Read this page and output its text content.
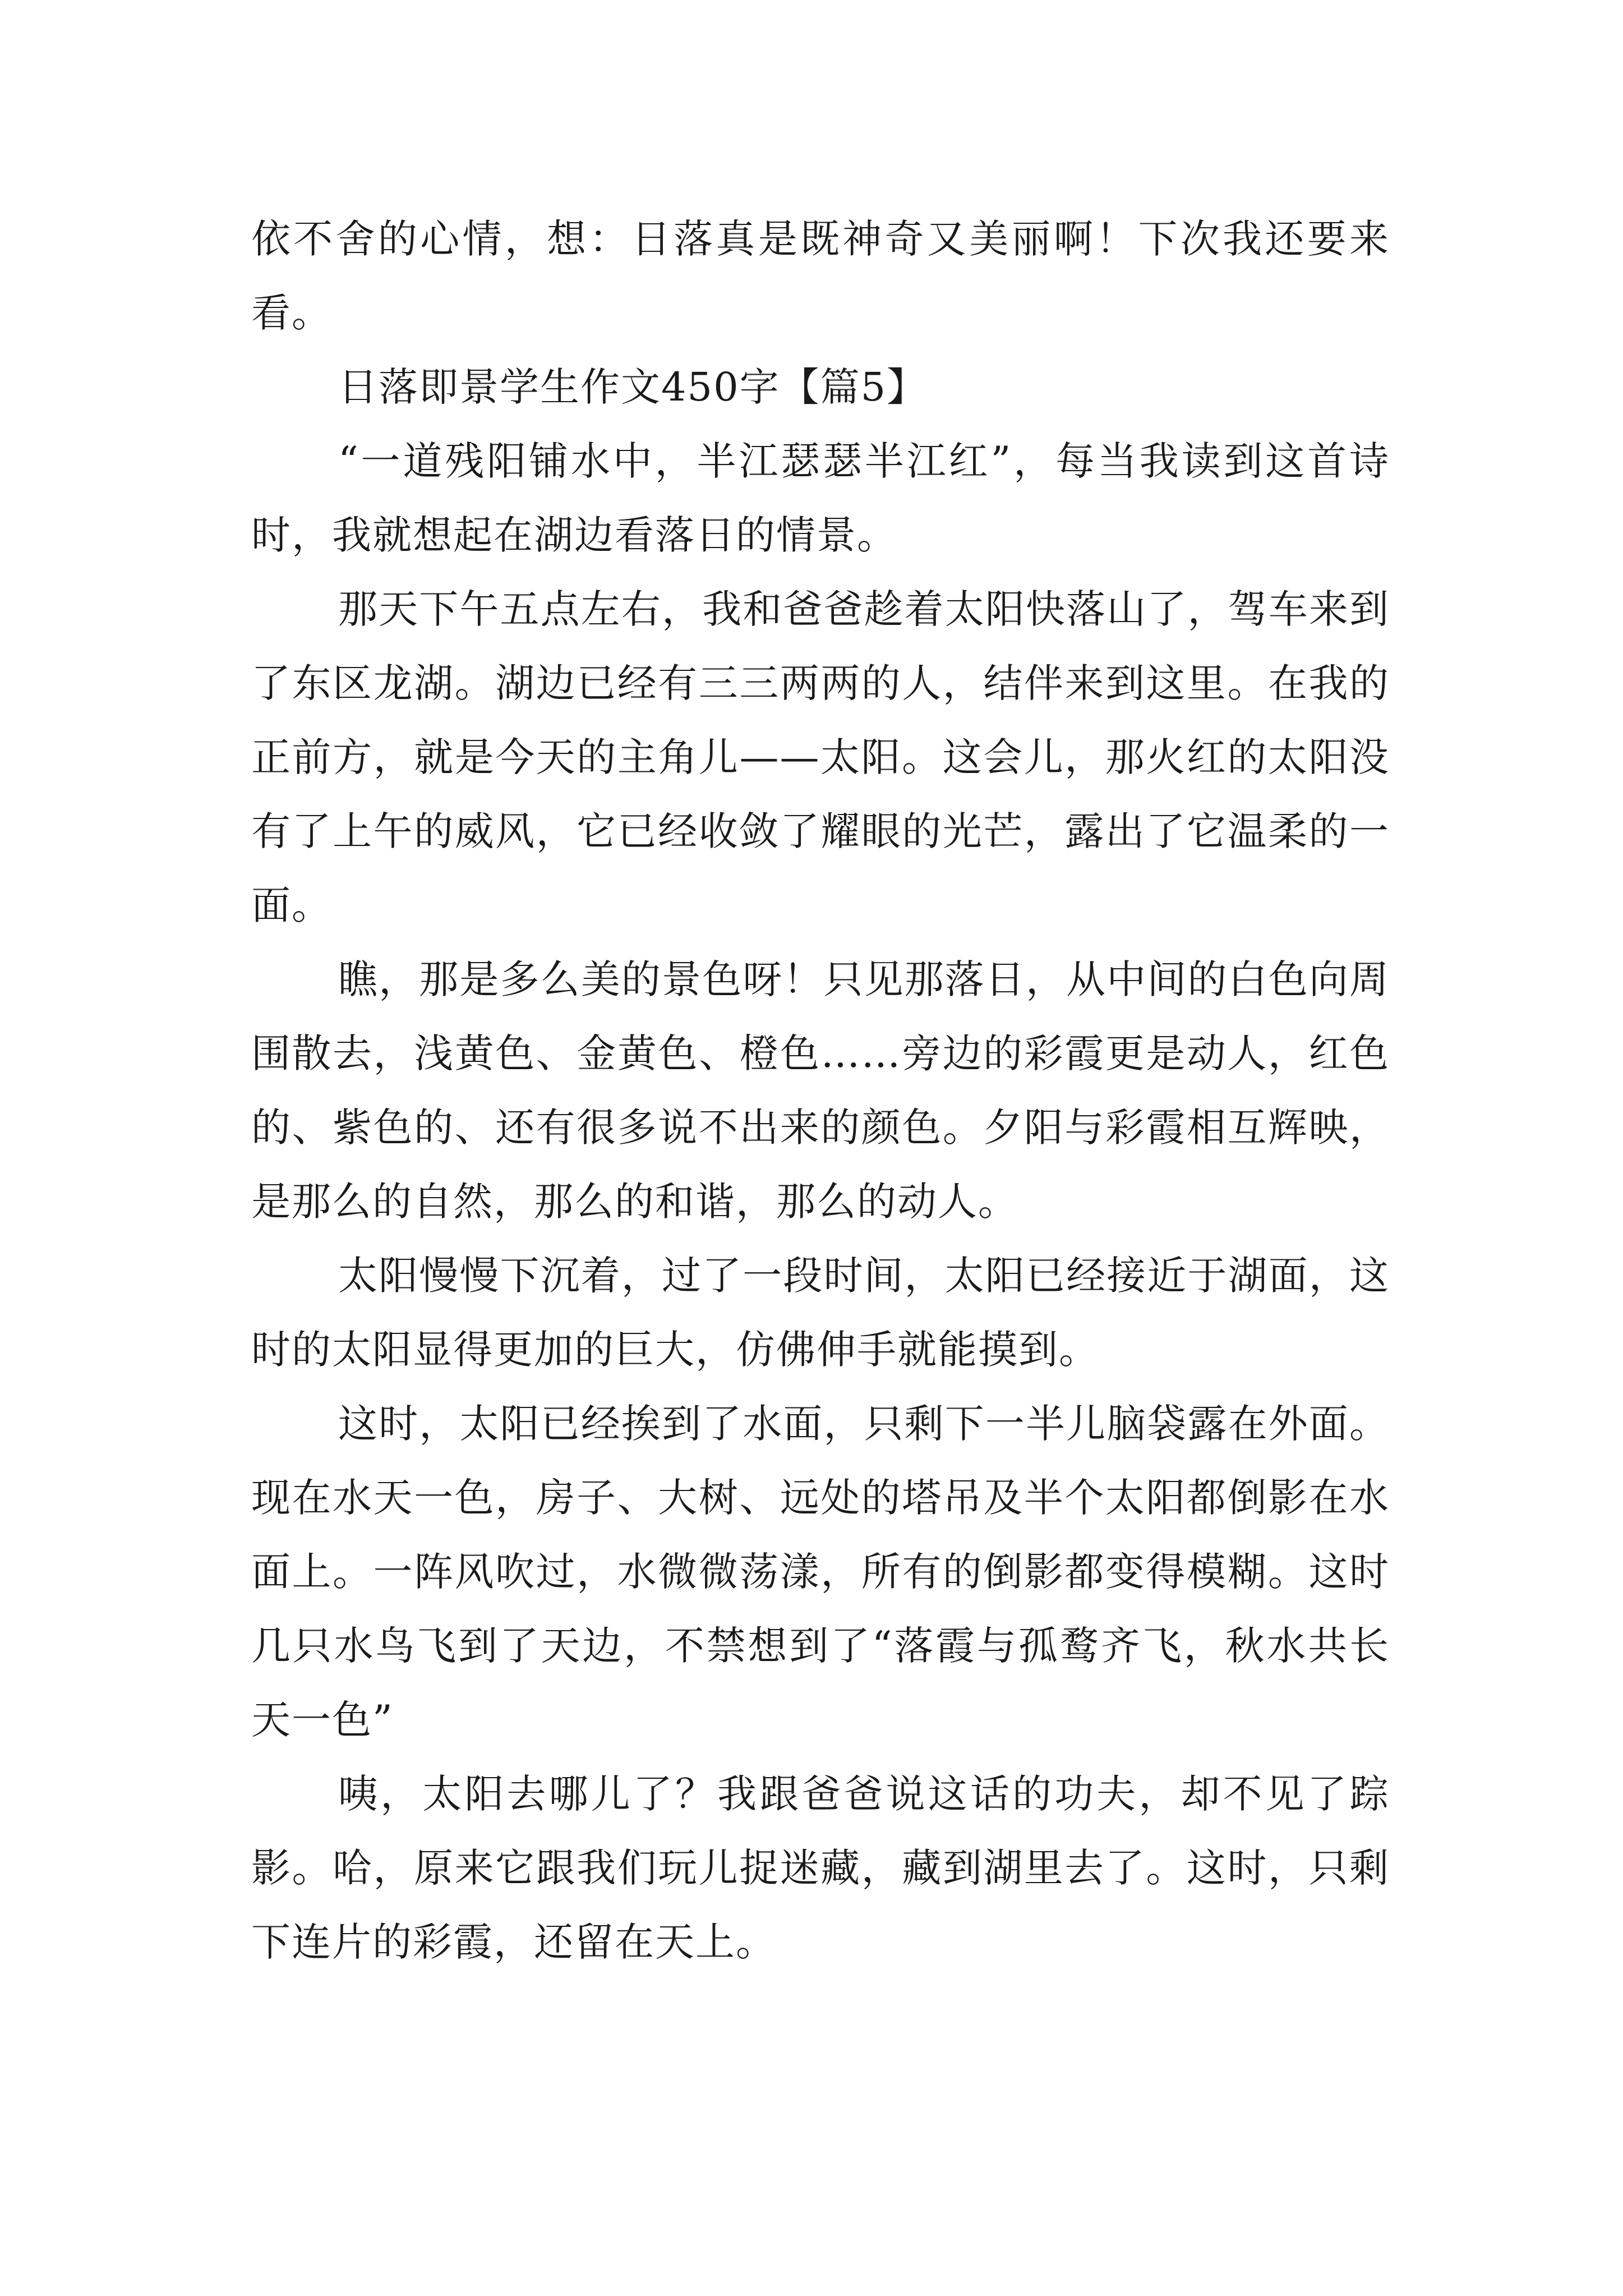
依不舍的心情，想：日落真是既神奇又美丽啊！下次我还要来看。

日落即景学生作文450字【篇5】

“一道残阳铺水中，半江瑟瑟半江红”，每当我读到这首诗时，我就想起在湖边看落日的情景。

那天下午五点左右，我和爸爸趁着太阳快落山了，驾车来到了东区龙湖。湖边已经有三三两两的人，结伴来到这里。在我的正前方，就是今天的主角儿——太阳。这会儿，那火红的太阳没有了上午的威风，它已经收敛了耀眼的光芒，露出了它温柔的一面。

瞧，那是多么美的景色呀！只见那落日，从中间的白色向周围散去，浅黄色、金黄色、橙色……旁边的彩霞更是动人，红色的、紫色的、还有很多说不出来的颜色。夕阳与彩霞相互辉映，是那么的自然，那么的和谐，那么的动人。

太阳慢慢下沉着，过了一段时间，太阳已经接近于湖面，这时的太阳显得更加的巨大，仿佛伸手就能摸到。

这时，太阳已经挨到了水面，只剩下一半儿脑袋露在外面。现在水天一色，房子、大树、远处的塔吊及半个太阳都倒影在水面上。一阵风吹过，水微微荡漾，所有的倒影都变得模糊。这时几只水鸟飞到了天边，不禁想到了“落霞与孤鹜齐飞，秋水共长天一色”

咦，太阳去哪儿了？我跟爸爸说这话的功夫，却不见了踪影。哈，原来它跟我们玩儿捉迷藏，藏到湖里去了。这时，只剩下连片的彩霞，还留在天上。
